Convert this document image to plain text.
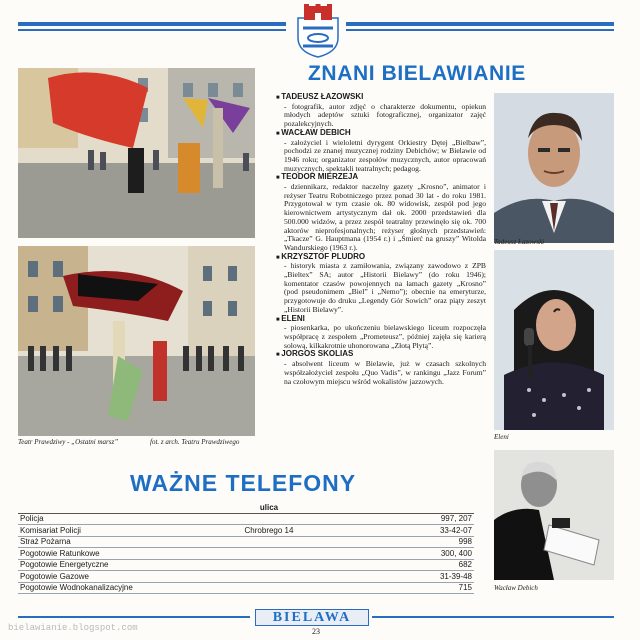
ZNANI BIELAWIANIE
Teatr Prawdziwy - „Ostatni marsz”	fot. z arch. Teatru Prawdziwego
■ TADEUSZ ŁAZOWSKI
- fotografik, autor zdjęć o charakterze dokumentu, opiekun młodych adeptów sztuki fotograficznej, organizator zajęć pozalekcyjnych.
■ WACŁAW DEBICH
- założyciel i wieloletni dyrygent Orkiestry Dętej „Bielbaw”, pochodzi ze znanej muzycznej rodziny Debichów; w Bielawie od 1946 roku; organizator zespołów muzycznych, autor opracowań muzycznych, spektakli teatralnych; pedagog.
■ TEODOR MIERZEJA
- dziennikarz, redaktor naczelny gazety „Krosno”, animator i reżyser Teatru Robotniczego przez ponad 30 lat - do roku 1981. Przygotował w tym czasie ok. 80 widowisk, zespół pod jego kierownictwem artystycznym dał ok. 2000 przedstawień dla 500.000 widzów, a przez zespół teatralny przewinęło się ok. 700 aktorów nieprofesjonalnych; reżyser głośnych przedstawień: „Tkacze” G. Hauptmana (1954 r.) i „Śmierć na gruszy” Witolda Wandurskiego (1963 r.).
■ KRZYSZTOF PLUDRO
- historyk miasta z zamiłowania, związany zawodowo z ZPB „Bieltex” SA; autor „Historii Bielawy” (do roku 1946); komentator czasów powojennych na łamach gazety „Krosno” (pod pseudonimem „Biel” i „Nemo”); obecnie na emeryturze, przygotowuje do druku „Legendy Gór Sowich” oraz piąty zeszyt „Historii Bielawy”.
■ ELENI
- piosenkarka, po ukończeniu bielawskiego liceum rozpoczęła współpracę z zespołem „Prometeusz”, później zajęła się karierą solową, kilkakrotnie uhonorowana „Złotą Płytą”.
■ JORGOS SKOLIAS
- absolwent liceum w Bielawie, już w czasach szkolnych współzałożyciel zespołu „Quo Vadis”, w rankingu „Jazz Forum” na czołowym miejscu wśród wokalistów jazzowych.
Tadeusz Łazowski
Eleni
Wacław Debich
WAŻNE TELEFONY
	ulica	
Policja		997, 207
Komisariat Policji	Chrobrego 14	33-42-07
Straż Pożarna		998
Pogotowie Ratunkowe		300, 400
Pogotowie Energetyczne		682
Pogotowie Gazowe		31-39-48
Pogotowie Wodnokanalizacyjne		715
BIELAWA
23
bielawianie.blogspot.com
